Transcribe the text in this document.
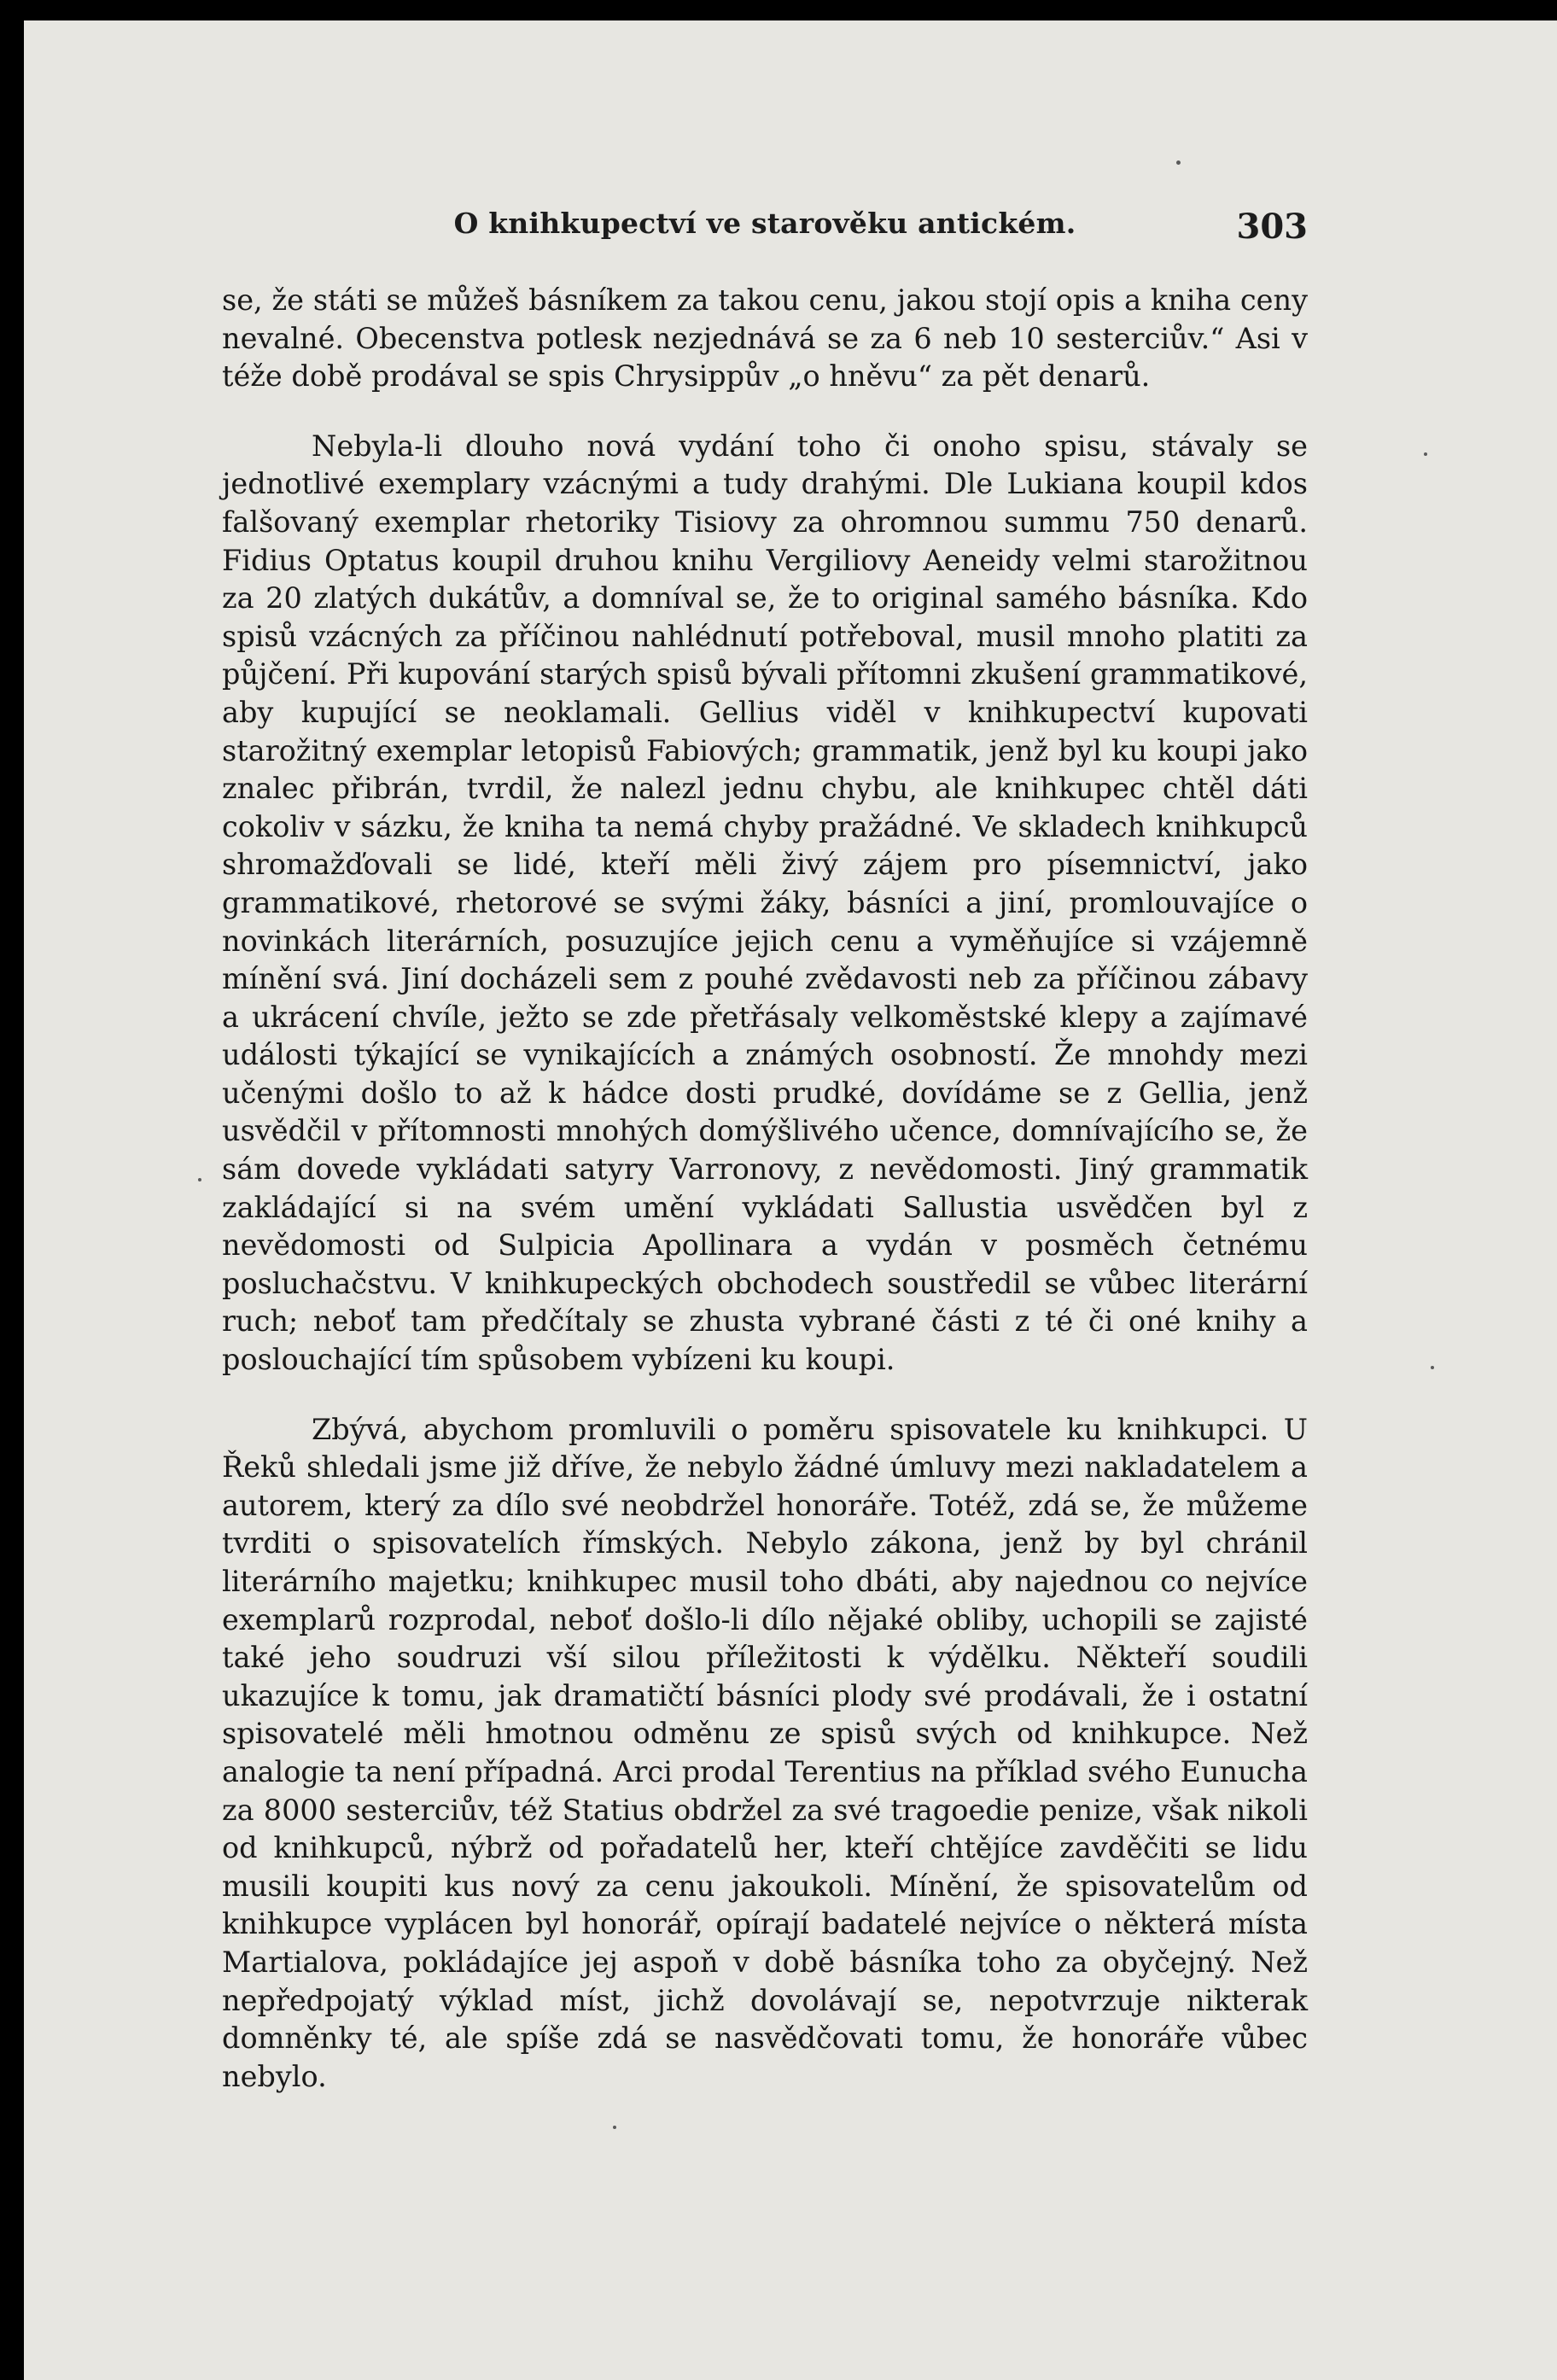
O knihkupectví ve starověku antickém.	303

se, že státi se můžeš básníkem za takou cenu, jakou stojí opis a kniha ceny nevalné. Obecenstva potlesk nezjednává se za 6 neb 10 sesterciův.“ Asi v téže době prodával se spis Chrysippův „o hněvu“ za pět denarů.

Nebyla-li dlouho nová vydání toho či onoho spisu, stávaly se jednotlivé exemplary vzácnými a tudy drahými. Dle Lukiana koupil kdos falšovaný exemplar rhetoriky Tisiovy za ohromnou summu 750 denarů. Fidius Optatus koupil druhou knihu Vergiliovy Aeneidy velmi starožitnou za 20 zlatých dukátův, a domníval se, že to original samého básníka. Kdo spisů vzácných za příčinou nahlédnutí potřeboval, musil mnoho platiti za půjčení. Při kupování starých spisů bývali přítomni zkušení grammatikové, aby kupující se neoklamali. Gellius viděl v knihkupectví kupovati starožitný exemplar letopisů Fabiových; grammatik, jenž byl ku koupi jako znalec přibrán, tvrdil, že nalezl jednu chybu, ale knihkupec chtěl dáti cokoliv v sázku, že kniha ta nemá chyby pražádné. Ve skladech knihkupců shromažďovali se lidé, kteří měli živý zájem pro písemnictví, jako grammatikové, rhetorové se svými žáky, básníci a jiní, promlouvajíce o novinkách literárních, posuzujíce jejich cenu a vyměňujíce si vzájemně mínění svá. Jiní docházeli sem z pouhé zvědavosti neb za příčinou zábavy a ukrácení chvíle, ježto se zde přetřásaly velkoměstské klepy a zajímavé události týkající se vynikajících a známých osobností. Že mnohdy mezi učenými došlo to až k hádce dosti prudké, dovídáme se z Gellia, jenž usvědčil v přítomnosti mnohých domýšlivého učence, domnívajícího se, že sám dovede vykládati satyry Varronovy, z nevědomosti. Jiný grammatik zakládající si na svém umění vykládati Sallustia usvědčen byl z nevědomosti od Sulpicia Apollinara a vydán v posměch četnému posluchačstvu. V knihkupeckých obchodech soustředil se vůbec literární ruch; neboť tam předčítaly se zhusta vybrané části z té či oné knihy a poslouchající tím spůsobem vybízeni ku koupi.

Zbývá, abychom promluvili o poměru spisovatele ku knihkupci. U Řeků shledali jsme již dříve, že nebylo žádné úmluvy mezi nakladatelem a autorem, který za dílo své neobdržel honoráře. Totéž, zdá se, že můžeme tvrditi o spisovatelích římských. Nebylo zákona, jenž by byl chránil literárního majetku; knihkupec musil toho dbáti, aby najednou co nejvíce exemplarů rozprodal, neboť došlo-li dílo nějaké obliby, uchopili se zajisté také jeho soudruzi vší silou příležitosti k výdělku. Někteří soudili ukazujíce k tomu, jak dramatičtí básníci plody své prodávali, že i ostatní spisovatelé měli hmotnou odměnu ze spisů svých od knihkupce. Než analogie ta není případná. Arci prodal Terentius na příklad svého Eunucha za 8000 sesterciův, též Statius obdržel za své tragoedie penize, však nikoli od knihkupců, nýbrž od pořadatelů her, kteří chtějíce zavděčiti se lidu musili koupiti kus nový za cenu jakoukoli. Mínění, že spisovatelům od knihkupce vyplácen byl honorář, opírají badatelé nejvíce o některá místa Martialova, pokládajíce jej aspoň v době básníka toho za obyčejný. Než nepředpojatý výklad míst, jichž dovolávají se, nepotvrzuje nikterak domněnky té, ale spíše zdá se nasvědčovati tomu, že honoráře vůbec nebylo.
